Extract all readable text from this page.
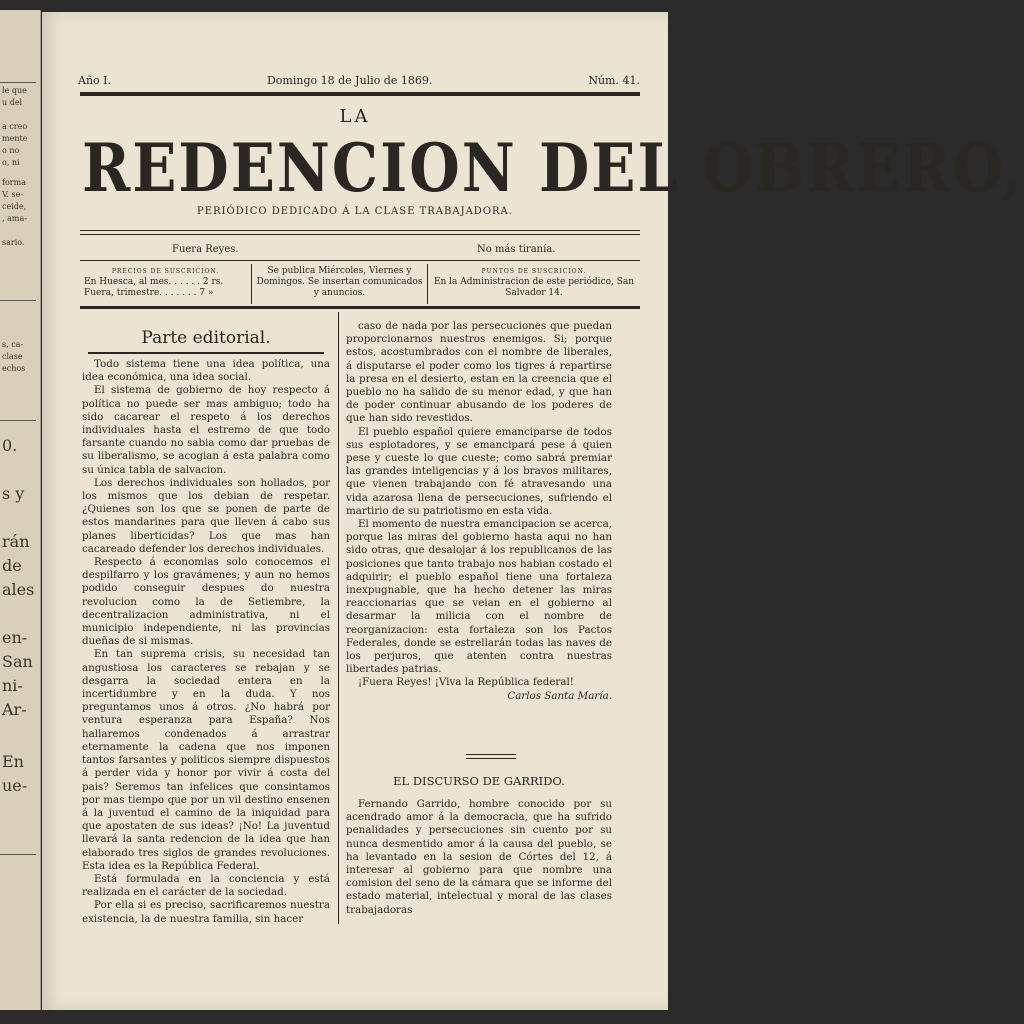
le que
u del
a creo
mente
o no
o, ni
forma
V. se-
ceide,
, ama-
sario.
s, ca-
clase
echos
0.
s y
rán
de
ales
en-
San
ni-
Ar-
En
ue-
Año I.	Domingo 18 de Julio de 1869.	Núm. 41.
LA
REDENCION DEL OBRERO,
PERIÓDICO DEDICADO Á LA CLASE TRABAJADORA.
Fuera Reyes.	No más tiranía.
PRECIOS DE SUSCRICION.
En Huesca, al mes. . . . . . 2 rs.
Fuera, trimestre. . . . . . . 7 »
Se publica Miércoles, Viernes y Domingos. Se insertan comunicados y anuncios.
PUNTOS DE SUSCRICION.
En la Administracion de este periódico, San Salvador 14.
Parte editorial.

Todo sistema tiene una idea política, una idea económica, una idea social.

El sistema de gobierno de hoy respecto á política no puede ser mas ambiguo; todo ha sido cacarear el respeto á los derechos individuales hasta el estremo de que todo farsante cuando no sabia como dar pruebas de su liberalismo, se acogian á esta palabra como su única tabla de salvacion.

Los derechos individuales son hollados, por los mismos que los debian de respetar. ¿Quienes son los que se ponen de parte de estos mandarines para que lleven á cabo sus planes liberticidas? Los que mas han cacareado defender los derechos individuales.

Respecto á economias solo conocemos el despilfarro y los gravámenes; y aun no hemos podido conseguir despues do nuestra revolucion como la de Setiembre, la decentralizacion administrativa, ni el municipio independiente, ni las provincias dueñas de si mismas.

En tan suprema crisis, su necesidad tan angustiosa los caracteres se rebajan y se desgarra la sociedad entera en la incertidumbre y en la duda. Y nos preguntamos unos á otros. ¿No habrá por ventura esperanza para España? Nos hallaremos condenados á arrastrar eternamente la cadena que nos imponen tantos farsantes y politicos siempre dispuestos á perder vida y honor por vivir á costa del pais? Seremos tan infelices que consintamos por mas tiempo que por un vil destino ensenen á la juventud el camino de la iniquidad para que apostaten de sus ideas? ¡No! La juventud llevará la santa redencion de la idea que han elaborado tres siglos de grandes revoluciones. Esta idea es la República Federal.

Está formulada en la conciencia y está realizada en el carácter de la sociedad.

Por ella si es preciso, sacrificaremos nuestra existencia, la de nuestra familia, sin hacer

caso de nada por las persecuciones que puedan proporcionarnos nuestros enemigos. Si; porque estos, acostumbrados con el nombre de liberales, á disputarse el poder como los tigres á repartirse la presa en el desierto, estan en la creencia que el pueblo no ha salido de su menor edad, y que han de poder continuar abusando de los poderes de que han sido revestidos.

El pueblo español quiere emanciparse de todos sus esplotadores, y se emancipará pese á quien pese y cueste lo que cueste; como sabrá premiar las grandes inteligencias y á los bravos militares, que vienen trabajando con fé atravesando una vida azarosa llena de persecuciones, sufriendo el martirio de su patriotismo en esta vida.

El momento de nuestra emancipacion se acerca, porque las miras del gobierno hasta aqui no han sido otras, que desalojar á los republicanos de las posiciones que tanto trabajo nos habian costado el adquirir; el pueblo español tiene una fortaleza inexpugnable, que ha hecho detener las miras reaccionarias que se veian en el gobierno al desarmar la milicia con el nombre de reorganizacion: esta fortaleza son los Pactos Federales, donde se estrellarán todas las naves de los perjuros, que atenten contra nuestras libertades patrias.

¡Fuera Reyes! ¡Viva la República federal!

Carlos Santa María.

EL DISCURSO DE GARRIDO.

Fernando Garrido, hombre conocido por su acendrado amor á la democracia, que ha sufrido penalidades y persecuciones sin cuento por su nunca desmentido amor á la causa del pueblo, se ha levantado en la sesion de Córtes del 12, á interesar al gobierno para que nombre una comision del seno de la cámara que se informe del estado material, intelectual y moral de las clases trabajadoras
